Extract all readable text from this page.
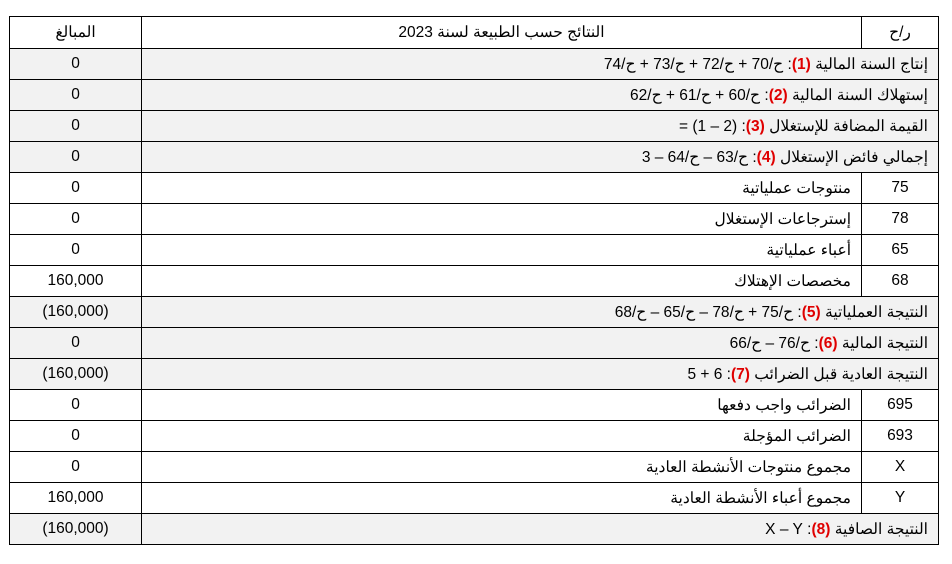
المبالغ	النتائج حسب الطبيعة لسنة 2023	ر/ح
0	إنتاج السنة المالية (1): ح/70 + ح/72 + ح/73 + ح/74	
0	إستهلاك السنة المالية (2): ح/60 + ح/61 + ح/62	
0	القيمة المضافة للإستغلال (3): = (1 – 2)	
0	إجمالي فائض الإستغلال (4): 3 – ح/63 – ح/64	
0	منتوجات عملياتية	75
0	إسترجاعات الإستغلال	78
0	أعباء عملياتية	65
160,000	مخصصات الإهتلاك	68
(160,000)	النتيجة العملياتية (5): ح/75 + ح/78 – ح/65 – ح/68	
0	النتيجة المالية (6): ح/76 – ح/66	
(160,000)	النتيجة العادية قبل الضرائب (7): 5 + 6	
0	الضرائب واجب دفعها	695
0	الضرائب المؤجلة	693
0	مجموع منتوجات الأنشطة العادية	X
160,000	مجموع أعباء الأنشطة العادية	Y
(160,000)	النتيجة الصافية (8): X – Y	
